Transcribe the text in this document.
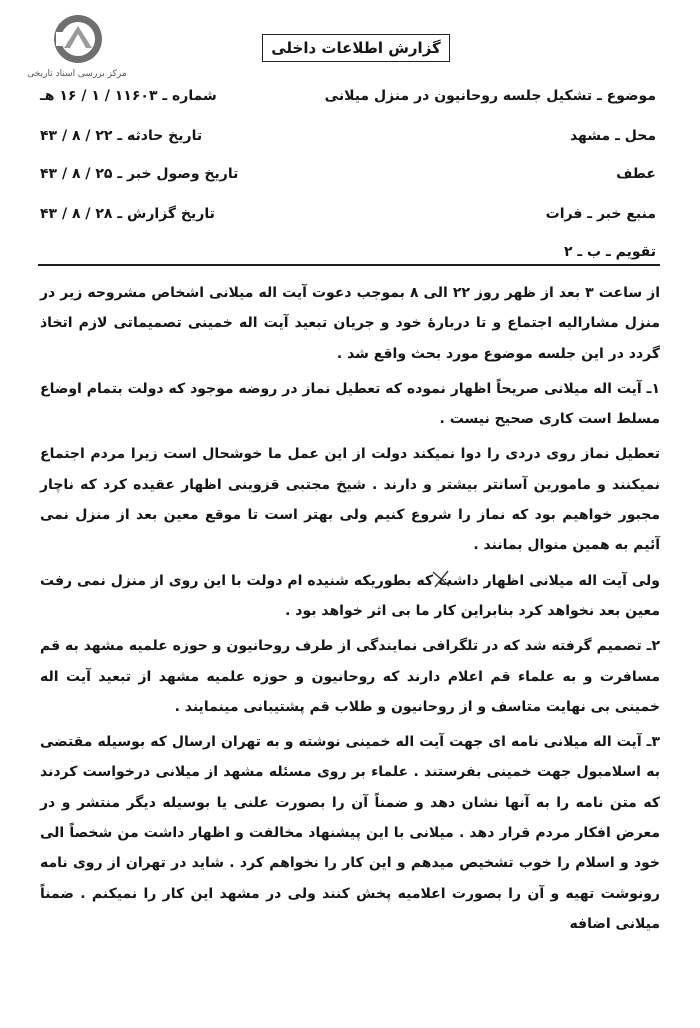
مرکز بررسی اسناد تاریخی
گزارش اطلاعات داخلی
موضوع ـ تشکیل جلسه روحانیون در منزل میلانی
شماره ـ ۱۱۶۰۳ / ۱ / ۱۶ هـ
محل ـ مشهد
تاریخ حادثه ـ ۲۲ / ۸ / ۴۳
عطف
تاریخ وصول خبر ـ ۲۵ / ۸ / ۴۳
منبع خبر ـ فرات
تاریخ گزارش ـ ۲۸ / ۸ / ۴۳
تقویم ـ ب ـ ۲

از ساعت ۳ بعد از ظهر روز ۲۲ الی ۸ بموجب دعوت آیت اله میلانی اشخاص مشروحه زیر در منزل مشارالیه اجتماع و تا دربارهٔ خود و جریان تبعید آیت اله خمینی تصمیماتی لازم اتخاذ گردد در این جلسه موضوع مورد بحث واقع شد .

۱ـ آیت اله میلانی صریحاً اظهار نموده که تعطیل نماز در روضه موجود که دولت بتمام اوضاع مسلط است کاری صحیح نیست .

تعطیل نماز روی دردی را دوا نمیکند دولت از این عمل ما خوشحال است زیرا مردم اجتماع نمیکنند و مامورین آسانتر بیشتر و دارند . شیخ مجتبی قزوینی اظهار عقیده کرد که ناچار مجبور خواهیم بود که نماز را شروع کنیم ولی بهتر است تا موقع معین بعد از منزل نمی آئیم به همین منوال بمانند .

ولی آیت اله میلانی اظهار داشت که بطوریکه شنیده ام دولت با این روی از منزل نمی رفت معین بعد نخواهد کرد بنابراین کار ما بی اثر خواهد بود .

۲ـ تصمیم گرفته شد که در تلگرافی نمایندگی از طرف روحانیون و حوزه علمیه مشهد به قم مسافرت و به علماء قم اعلام دارند که روحانیون و حوزه علمیه مشهد از تبعید آیت اله خمینی بی نهایت متاسف و از روحانیون و طلاب قم پشتیبانی مینمایند .

۳ـ آیت اله میلانی نامه ای جهت آیت اله خمینی نوشته و به تهران ارسال که بوسیله مقتضی به اسلامبول جهت خمینی بفرستند . علماء بر روی مسئله مشهد از میلانی درخواست کردند که متن نامه را به آنها نشان دهد و ضمناً آن را بصورت علنی یا بوسیله دیگر منتشر و در معرض افکار مردم قرار دهد . میلانی با این پیشنهاد مخالفت و اظهار داشت من شخصاً الی خود و اسلام را خوب تشخیص میدهم و این کار را نخواهم کرد . شاید در تهران از روی نامه رونوشت تهیه و آن را بصورت اعلامیه پخش کنند ولی در مشهد این کار را نمیکنم . ضمناً میلانی اضافه
